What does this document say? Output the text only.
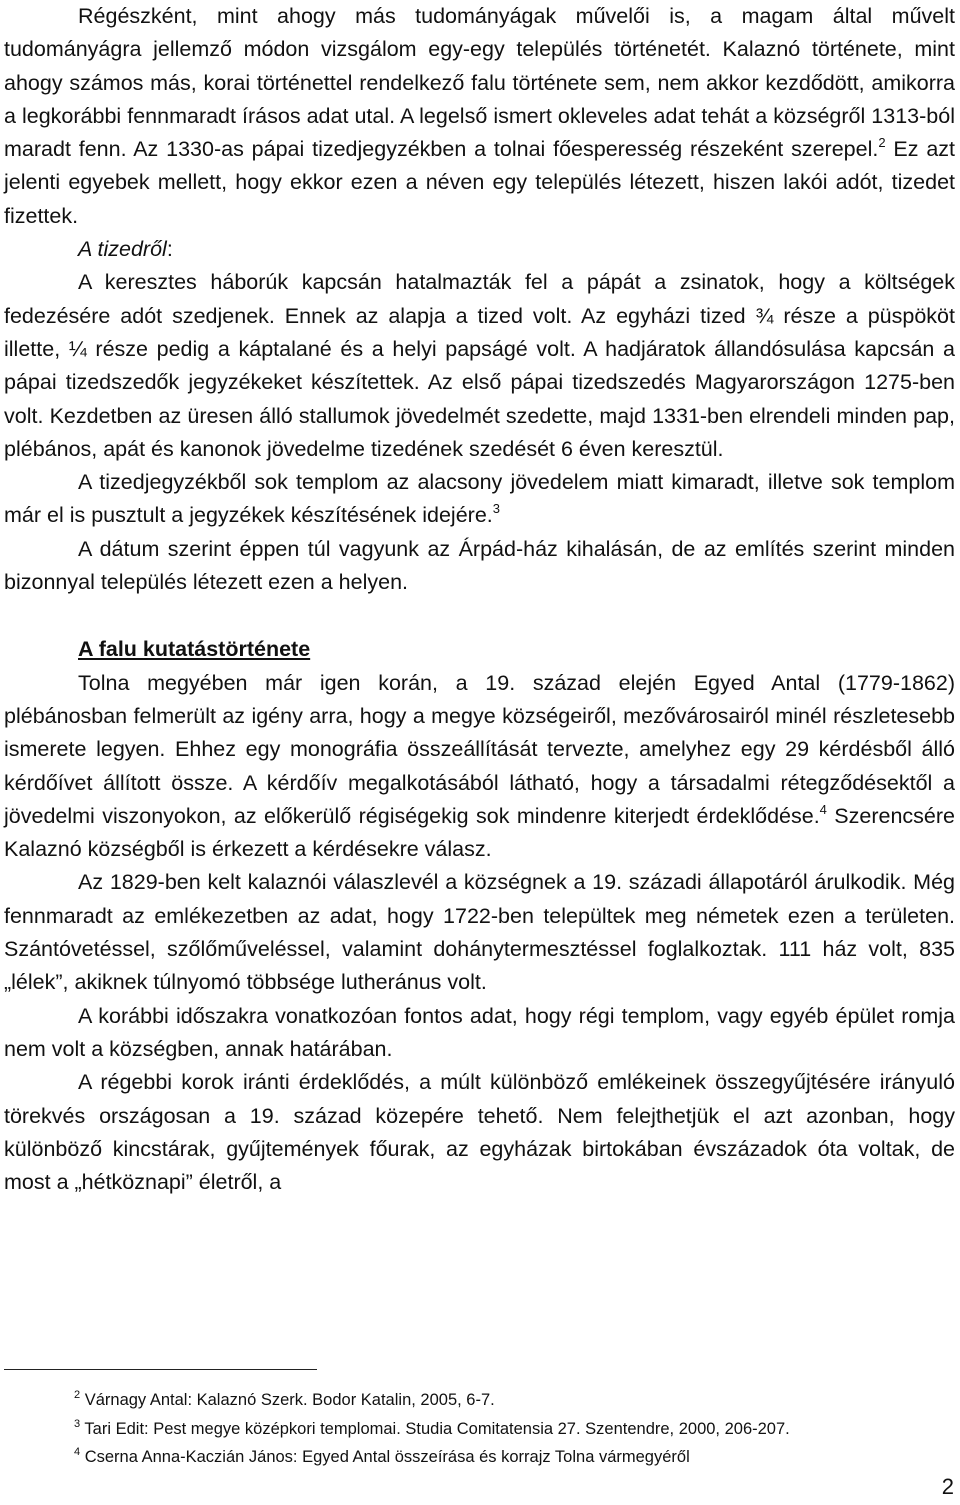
Régészként, mint ahogy más tudományágak művelői is, a magam által művelt tudományágra jellemző módon vizsgálom egy-egy település történetét. Kalaznó története, mint ahogy számos más, korai történettel rendelkező falu története sem, nem akkor kezdődött, amikorra a legkorábbi fennmaradt írásos adat utal. A legelső ismert okleveles adat tehát a községről 1313-ból maradt fenn. Az 1330-as pápai tizedjegyzékben a tolnai főesperesség részeként szerepel.$^2$ Ez azt jelenti egyebek mellett, hogy ekkor ezen a néven egy település létezett, hiszen lakói adót, tizedet fizettek.

A tizedről:

A keresztes háborúk kapcsán hatalmazták fel a pápát a zsinatok, hogy a költségek fedezésére adót szedjenek. Ennek az alapja a tized volt. Az egyházi tized ¾ része a püspököt illette, ¼ része pedig a káptalané és a helyi papságé volt. A hadjáratok állandósulása kapcsán a pápai tizedszedők jegyzékeket készítettek. Az első pápai tizedszedés Magyarországon 1275-ben volt. Kezdetben az üresen álló stallumok jövedelmét szedette, majd 1331-ben elrendeli minden pap, plébános, apát és kanonok jövedelme tizedének szedését 6 éven keresztül.

A tizedjegyzékből sok templom az alacsony jövedelem miatt kimaradt, illetve sok templom már el is pusztult a jegyzékek készítésének idejére.$^3$

A dátum szerint éppen túl vagyunk az Árpád-ház kihalásán, de az említés szerint minden bizonnyal település létezett ezen a helyen.

A falu kutatástörténete

Tolna megyében már igen korán, a 19. század elején Egyed Antal (1779-1862) plébánosban felmerült az igény arra, hogy a megye községeiről, mezővárosairól minél részletesebb ismerete legyen. Ehhez egy monográfia összeállítását tervezte, amelyhez egy 29 kérdésből álló kérdőívet állított össze. A kérdőív megalkotásából látható, hogy a társadalmi rétegződésektől a jövedelmi viszonyokon, az előkerülő régiségekig sok mindenre kiterjedt érdeklődése.$^4$ Szerencsére Kalaznó községből is érkezett a kérdésekre válasz.

Az 1829-ben kelt kalaznói válaszlevél a községnek a 19. századi állapotáról árulkodik. Még fennmaradt az emlékezetben az adat, hogy 1722-ben települtek meg németek ezen a területen. Szántóvetéssel, szőlőműveléssel, valamint dohánytermesztéssel foglalkoztak. 111 ház volt, 835 „lélek”, akiknek túlnyomó többsége lutheránus volt.

A korábbi időszakra vonatkozóan fontos adat, hogy régi templom, vagy egyéb épület romja nem volt a községben, annak határában.

A régebbi korok iránti érdeklődés, a múlt különböző emlékeinek összegyűjtésére irányuló törekvés országosan a 19. század közepére tehető. Nem felejthetjük el azt azonban, hogy különböző kincstárak, gyűjtemények főurak, az egyházak birtokában évszázadok óta voltak, de most a „hétköznapi” életről, a

$^2$ Várnagy Antal: Kalaznó Szerk. Bodor Katalin, 2005, 6-7.
$^3$ Tari Edit: Pest megye középkori templomai. Studia Comitatensia 27. Szentendre, 2000, 206-207.
$^4$ Cserna Anna-Kaczián János: Egyed Antal összeírása és korrajz Tolna vármegyéről
2
